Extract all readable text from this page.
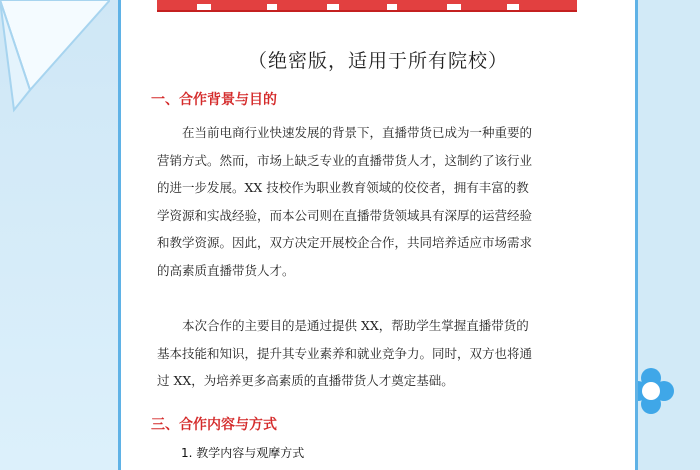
（绝密版，适用于所有院校）
一、合作背景与目的
在当前电商行业快速发展的背景下，直播带货已成为一种重要的
营销方式。然而，市场上缺乏专业的直播带货人才，这制约了该行业
的进一步发展。XX 技校作为职业教育领域的佼佼者，拥有丰富的教
学资源和实战经验，而本公司则在直播带货领域具有深厚的运营经验
和教学资源。因此，双方决定开展校企合作，共同培养适应市场需求
的高素质直播带货人才。
本次合作的主要目的是通过提供 XX，帮助学生掌握直播带货的
基本技能和知识，提升其专业素养和就业竞争力。同时，双方也将通
过 XX，为培养更多高素质的直播带货人才奠定基础。
三、合作内容与方式
1. 教学内容与观摩方式
